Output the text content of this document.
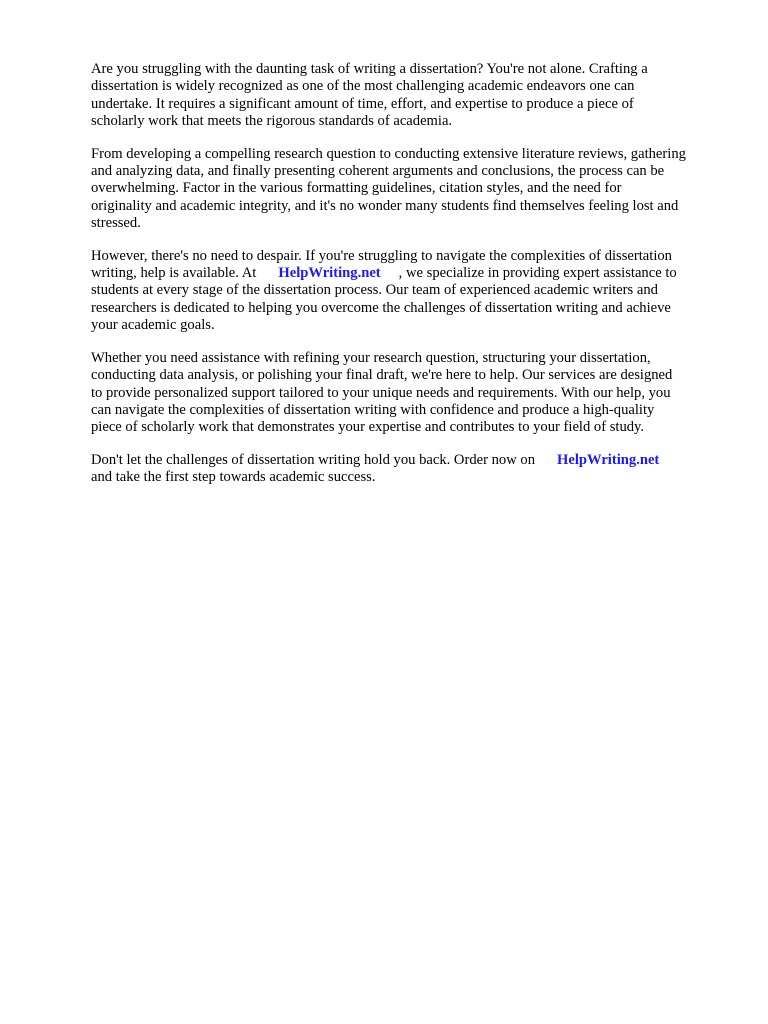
Are you struggling with the daunting task of writing a dissertation? You're not alone. Crafting a
dissertation is widely recognized as one of the most challenging academic endeavors one can
undertake. It requires a significant amount of time, effort, and expertise to produce a piece of
scholarly work that meets the rigorous standards of academia.

From developing a compelling research question to conducting extensive literature reviews, gathering
and analyzing data, and finally presenting coherent arguments and conclusions, the process can be
overwhelming. Factor in the various formatting guidelines, citation styles, and the need for
originality and academic integrity, and it's no wonder many students find themselves feeling lost and
stressed.

However, there's no need to despair. If you're struggling to navigate the complexities of dissertation
writing, help is available. At HelpWriting.net , we specialize in providing expert assistance to
students at every stage of the dissertation process. Our team of experienced academic writers and
researchers is dedicated to helping you overcome the challenges of dissertation writing and achieve
your academic goals.

Whether you need assistance with refining your research question, structuring your dissertation,
conducting data analysis, or polishing your final draft, we're here to help. Our services are designed
to provide personalized support tailored to your unique needs and requirements. With our help, you
can navigate the complexities of dissertation writing with confidence and produce a high-quality
piece of scholarly work that demonstrates your expertise and contributes to your field of study.

Don't let the challenges of dissertation writing hold you back. Order now on HelpWriting.net
and take the first step towards academic success.
